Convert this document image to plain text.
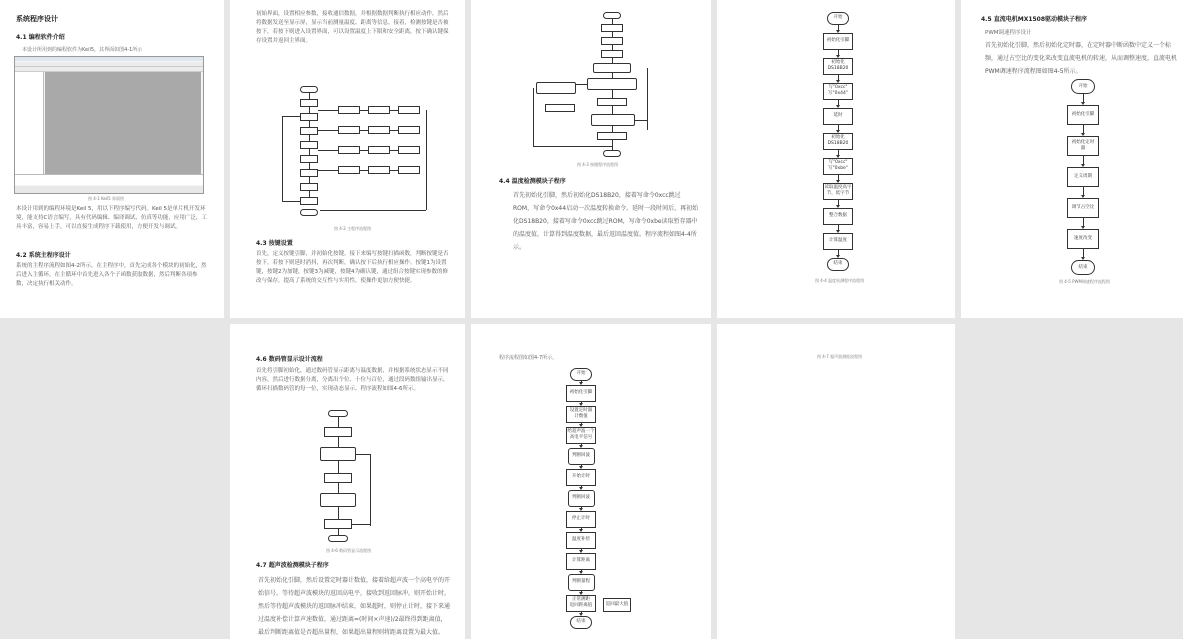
系统程序设计
4.1 编程软件介绍
本设计所用到的编程软件为Keil5，其界面如图4-1所示
图 4-1 Keil5 界面图
本设计用到的编程环境是Keil 5，用以下程序编写代码。Keil 5是单片机开发环境，能支持C语言编写，具有代码编辑、编译调试、仿真等功能，应用广泛，工具丰富，容易上手，可以直接生成程序下载使用，方便开发与调试。
4.2 系统主程序设计
系统的主程序流程如图4-2所示，在主程序中，首先完成各个模块的初始化，然后进入主循环，在主循环中首先进入各个子函数获取数据，然后判断各项参数，决定执行相关动作。
初始界面，设置相应参数，接收通信数据，并根据数据判断执行相应动作，然后将数据发送至显示屏，显示当前测量温度、距离等信息。接着，检测按键是否被按下，若按下则进入设置界面，可以设置温度上下限和安全距离，按下确认键保存设置并返回主界面。
图 4-2 主程序流程图
4.3 按键设置
首先，定义按键引脚，并初始化按键。接下来编写按键扫描函数，判断按键是否按下，若按下则延时消抖，再次判断，确认按下后执行相应操作。按键1为设置键，按键2为加键，按键3为减键，按键4为确认键，通过组合按键实现参数的修改与保存，提高了系统的交互性与实用性，使操作更加方便快捷。
图 4-3 按键程序流程图
4.4 温度检测模块子程序
首先初始化引脚，然后初始化DS18B20，接着写命令0xcc跳过ROM，写命令0x44启动一次温度转换命令。延时一段时间后，再初始化DS18B20，接着写命令0xcc跳过ROM，写命令0xbe读取暂存器中的温度值，计算得到温度数据，最后返回温度值。程序流程如图4-4所示。
开始
初始化引脚
初始化
DS18B20
写"0xcc"
写"0x44"
延时
初始化
DS18B20
写"0xcc"
写"0xbe"
读取温度高字
节，低字节
整合数据
计算温度
结束
图 4-4 温度检测程序流程图
4.5 直流电机MX1508驱动模块子程序
PWM调速程序设计
首先初始化引脚，然后初始化定时器，在定时器中断函数中定义一个标频，通过占空比的变化来改变直流电机的转速，从而调整速度，直流电机PWM调速程序流程图如图4-5所示。
开始
初始化引脚
初始化定时
器
定义周期
调节占空比
速度改变
结束
图 4-5 PWM调速程序流程图
4.6 数码管显示设计流程
首先将引脚初始化，通过数码管显示距离与温度数据，并根据系统状态显示不同内容，然后进行数据分离，分离出个位、十位与百位，通过段码数组输出显示，循环扫描数码管的每一位，实现动态显示。程序流程如图4-6所示。
图 4-6 数码管显示流程图
4.7 超声波检测模块子程序
首先初始化引脚，然后设置定时器计数值，接着给超声波一个高电平的开始信号，等待超声波模块的返回高电平，接收到返回脉冲，则开始计时，然后等待超声波模块的返回脉冲结束，如果超时，则停止计时，接下来通过温度补偿计算声速数值，通过距离=(时间×声速)/2最终得到距离值，最后判断距离值是否超出量程，如果超出量程则将距离设置为最大值。
程序流程图如图4-7所示。
开始
初始化引脚
设置定时器
计数值
给超声波一个
高电平信号
判断回波
开始计时
判断回波
停止计时
温度补偿
计算距离
判断量程
正常测距
返回距离值
结束
返回最大值
图 4-7 超声波测距流程图
